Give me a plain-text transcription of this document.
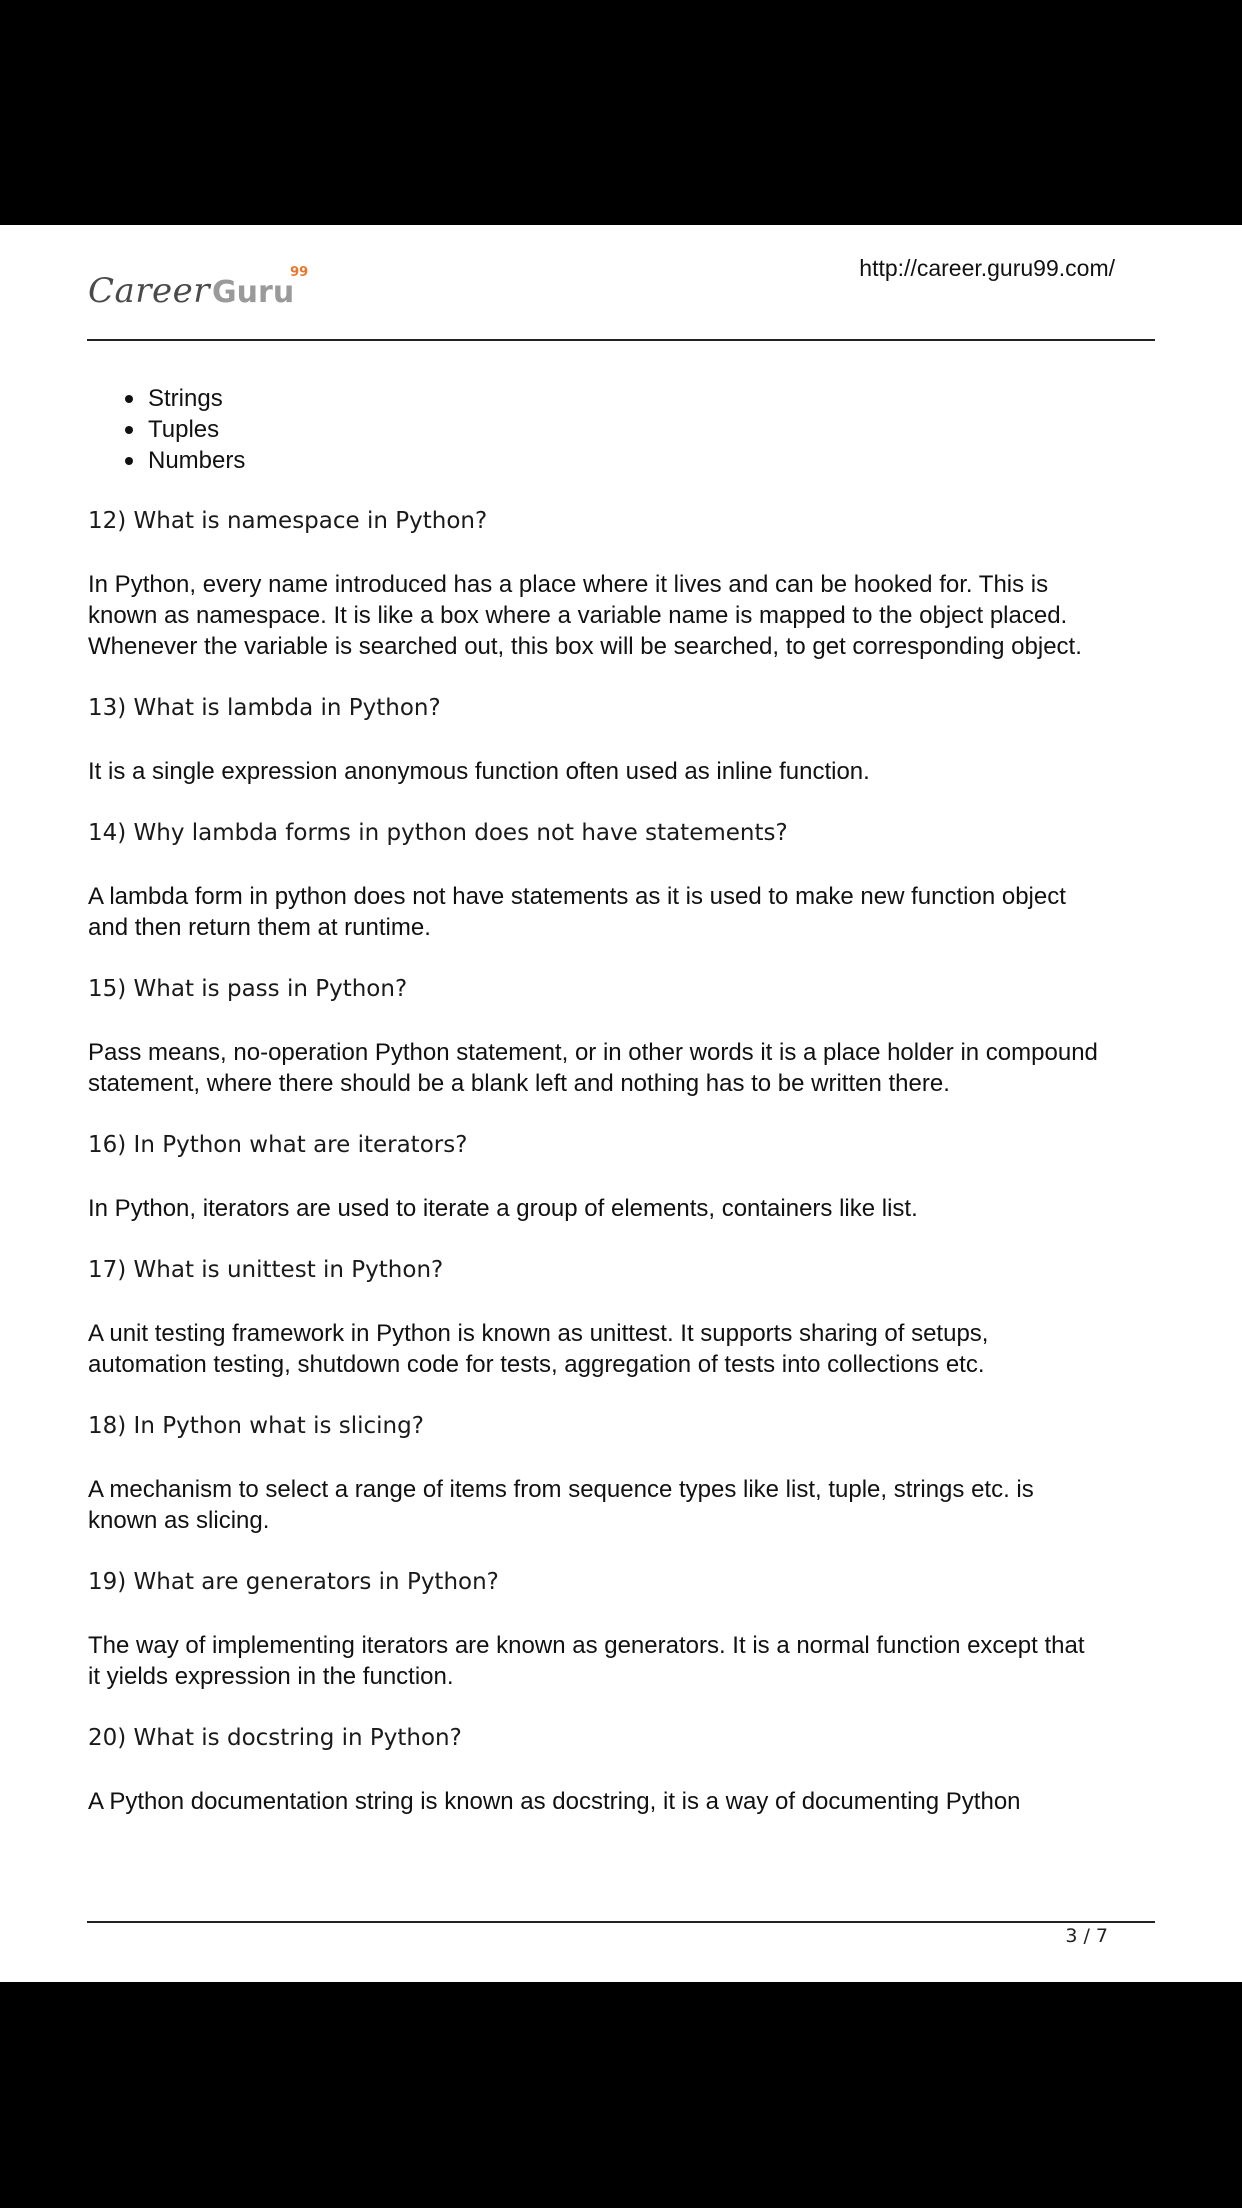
CareerGuru
99	http://career.guru99.com/
Strings
Tuples
Numbers
12) What is namespace in Python?
In Python, every name introduced has a place where it lives and can be hooked for. This is
known as namespace. It is like a box where a variable name is mapped to the object placed.
Whenever the variable is searched out, this box will be searched, to get corresponding object.
13) What is lambda in Python?
It is a single expression anonymous function often used as inline function.
14) Why lambda forms in python does not have statements?
A lambda form in python does not have statements as it is used to make new function object
and then return them at runtime.
15) What is pass in Python?
Pass means, no-operation Python statement, or in other words it is a place holder in compound
statement, where there should be a blank left and nothing has to be written there.
16) In Python what are iterators?
In Python, iterators are used to iterate a group of elements, containers like list.
17) What is unittest in Python?
A unit testing framework in Python is known as unittest. It supports sharing of setups,
automation testing, shutdown code for tests, aggregation of tests into collections etc.
18) In Python what is slicing?
A mechanism to select a range of items from sequence types like list, tuple, strings etc. is
known as slicing.
19) What are generators in Python?
The way of implementing iterators are known as generators. It is a normal function except that
it yields expression in the function.
20) What is docstring in Python?
A Python documentation string is known as docstring, it is a way of documenting Python
3 / 7
